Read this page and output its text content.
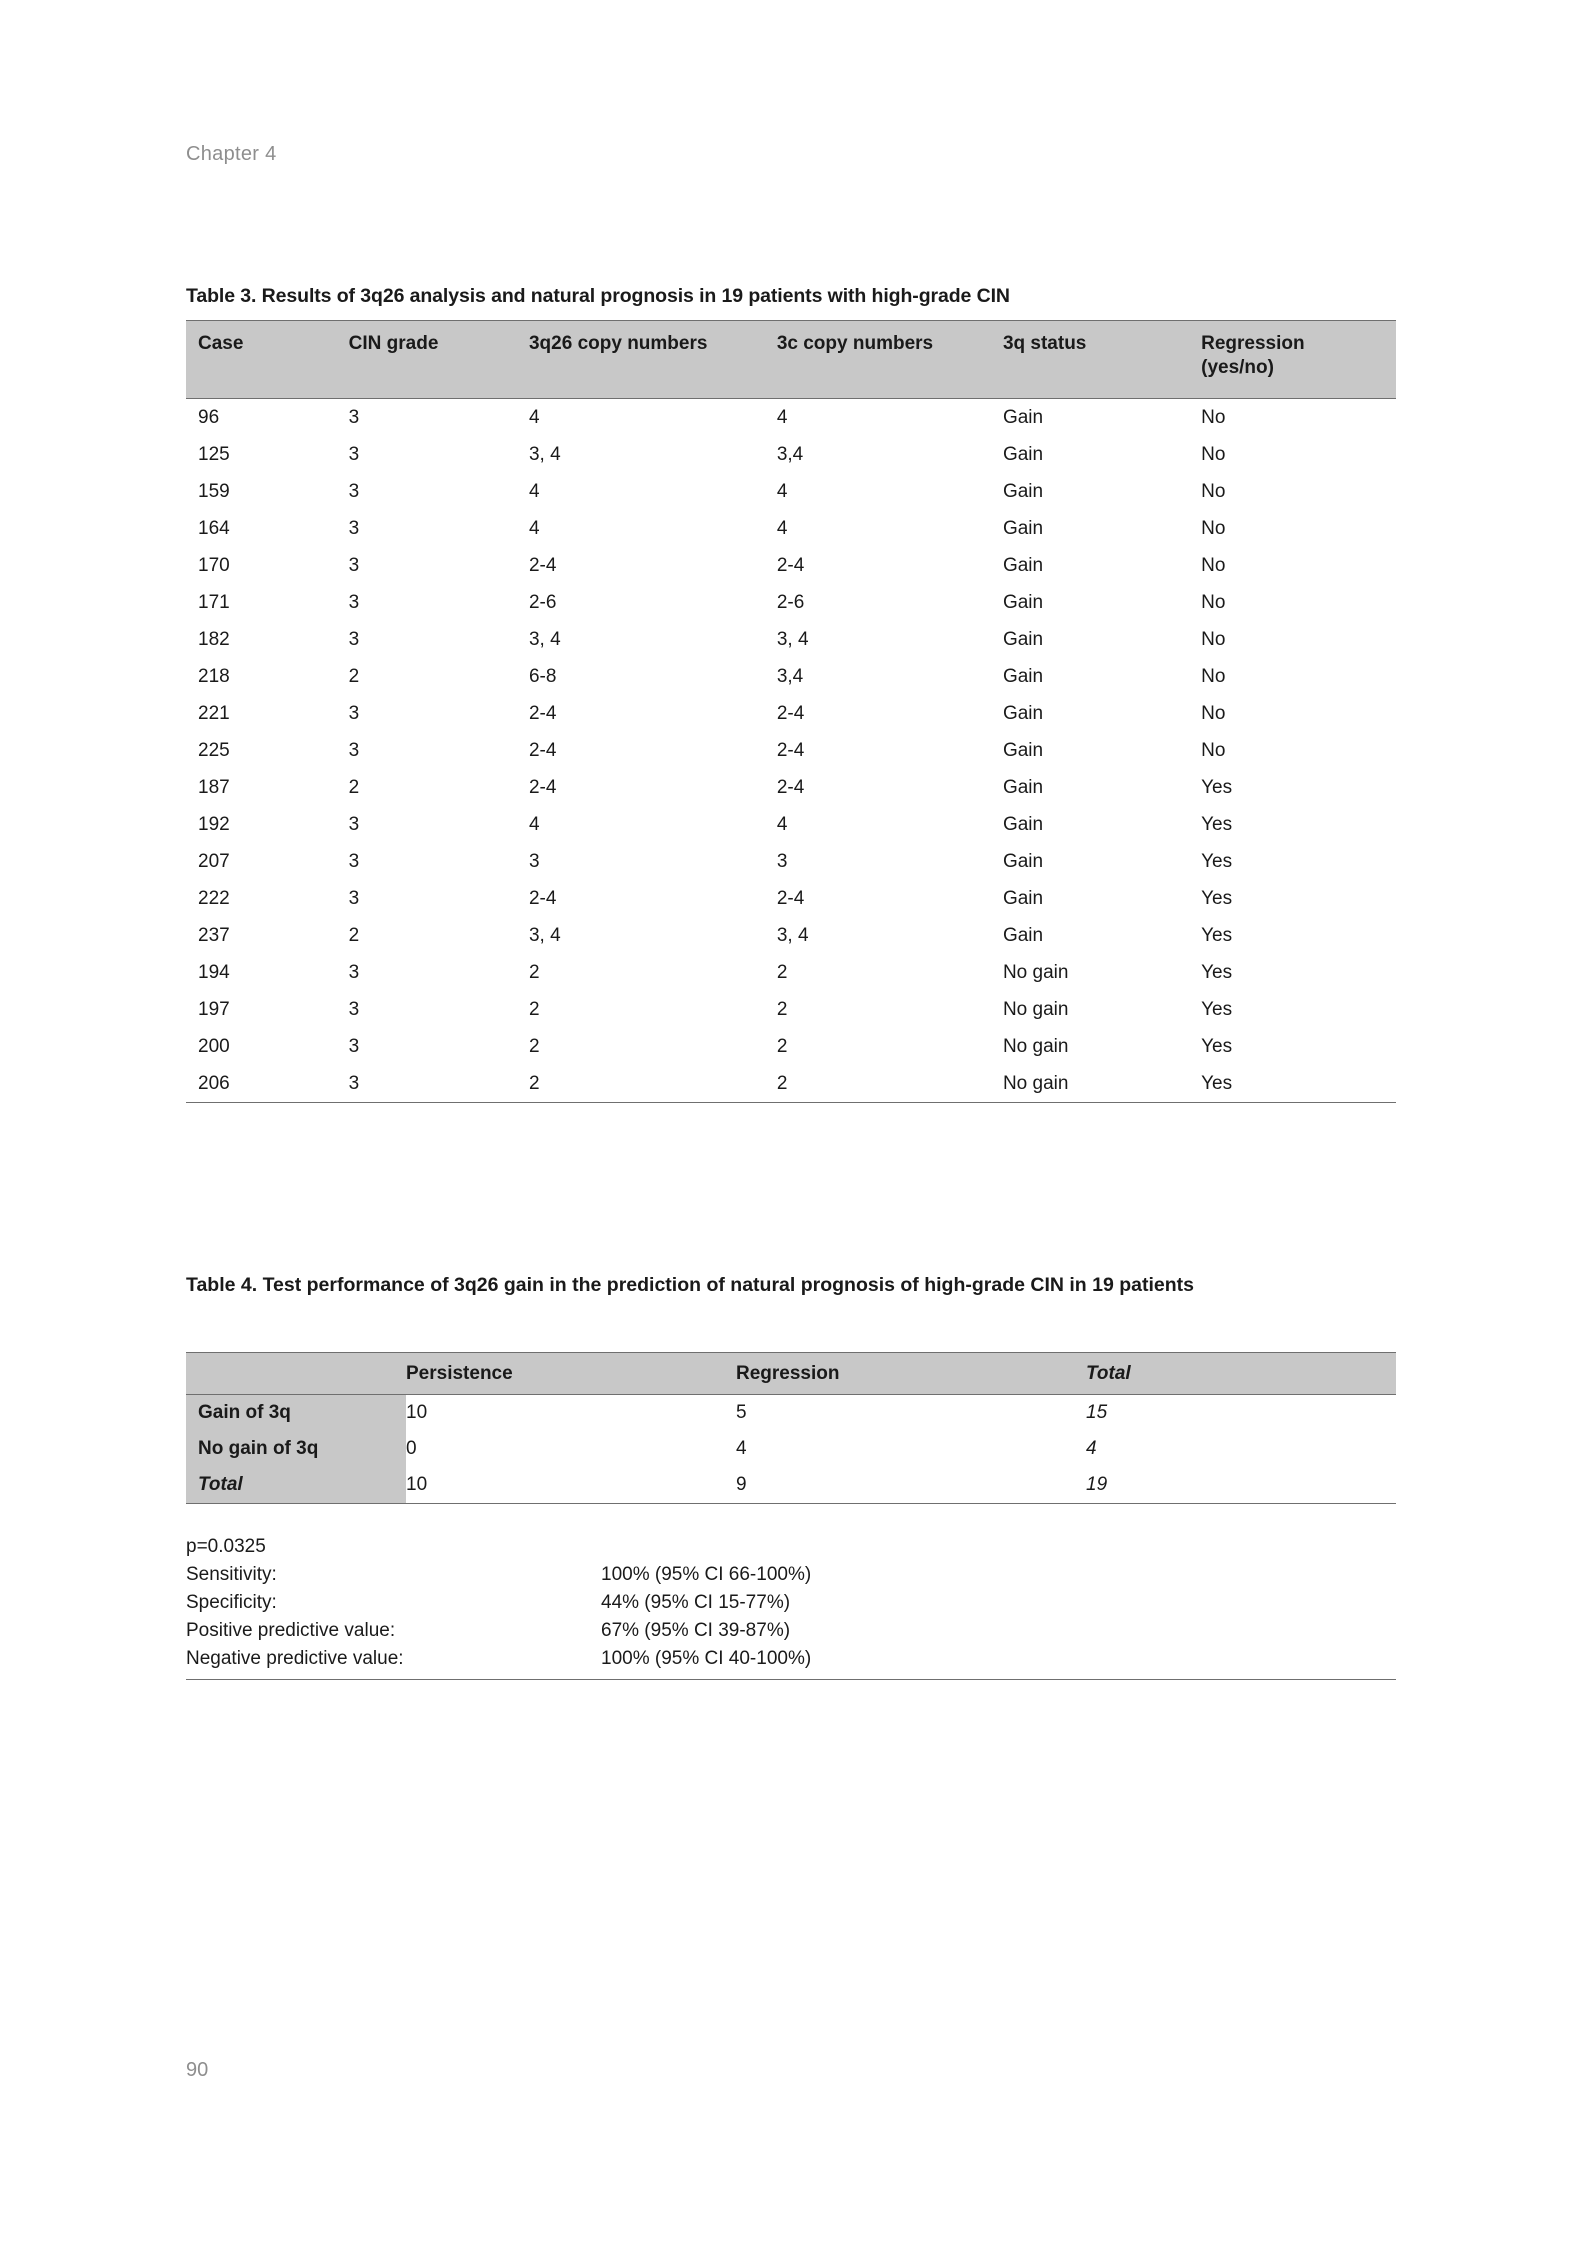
Chapter 4
Table 3. Results of 3q26 analysis and natural prognosis in 19 patients with high-grade CIN
Case	CIN grade	3q26 copy numbers	3c copy numbers	3q status	Regression
(yes/no)
96	3	4	4	Gain	No
125	3	3, 4	3,4	Gain	No
159	3	4	4	Gain	No
164	3	4	4	Gain	No
170	3	2-4	2-4	Gain	No
171	3	2-6	2-6	Gain	No
182	3	3, 4	3, 4	Gain	No
218	2	6-8	3,4	Gain	No
221	3	2-4	2-4	Gain	No
225	3	2-4	2-4	Gain	No
187	2	2-4	2-4	Gain	Yes
192	3	4	4	Gain	Yes
207	3	3	3	Gain	Yes
222	3	2-4	2-4	Gain	Yes
237	2	3, 4	3, 4	Gain	Yes
194	3	2	2	No gain	Yes
197	3	2	2	No gain	Yes
200	3	2	2	No gain	Yes
206	3	2	2	No gain	Yes
Table 4. Test performance of 3q26 gain in the prediction of natural prognosis of high-grade CIN in 19 patients
	Persistence	Regression	Total
Gain of 3q	10	5	15
No gain of 3q	0	4	4
Total	10	9	19
p=0.0325
Sensitivity:	100% (95% CI 66-100%)
Specificity:	44% (95% CI 15-77%)
Positive predictive value:	67% (95% CI 39-87%)
Negative predictive value:	100% (95% CI 40-100%)
90
